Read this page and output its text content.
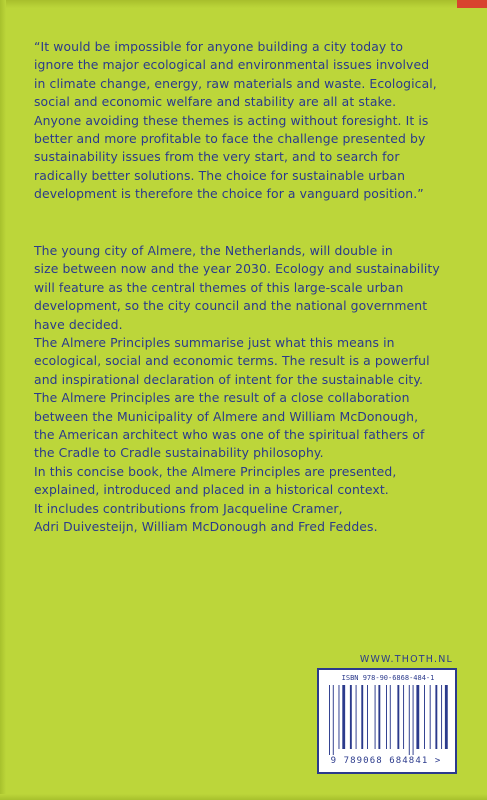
“It would be impossible for anyone building a city today to

ignore the major ecological and environmental issues involved

in climate change, energy, raw materials and waste. Ecological,

social and economic welfare and stability are all at stake.

Anyone avoiding these themes is acting without foresight. It is

better and more profitable to face the challenge presented by

sustainability issues from the very start, and to search for

radically better solutions. The choice for sustainable urban

development is therefore the choice for a vanguard position.”

The young city of Almere, the Netherlands, will double in

size between now and the year 2030. Ecology and sustainability

will feature as the central themes of this large-scale urban

development, so the city council and the national government

have decided.

The Almere Principles summarise just what this means in

ecological, social and economic terms. The result is a powerful

and inspirational declaration of intent for the sustainable city.

The Almere Principles are the result of a close collaboration

between the Municipality of Almere and William McDonough,

the American architect who was one of the spiritual fathers of

the Cradle to Cradle sustainability philosophy.

In this concise book, the Almere Principles are presented,

explained, introduced and placed in a historical context.

It includes contributions from Jacqueline Cramer,

Adri Duivesteijn, William McDonough and Fred Feddes.

WWW.THOTH.NL
ISBN 978-90-6868-484-1
9 789068 684841 >
